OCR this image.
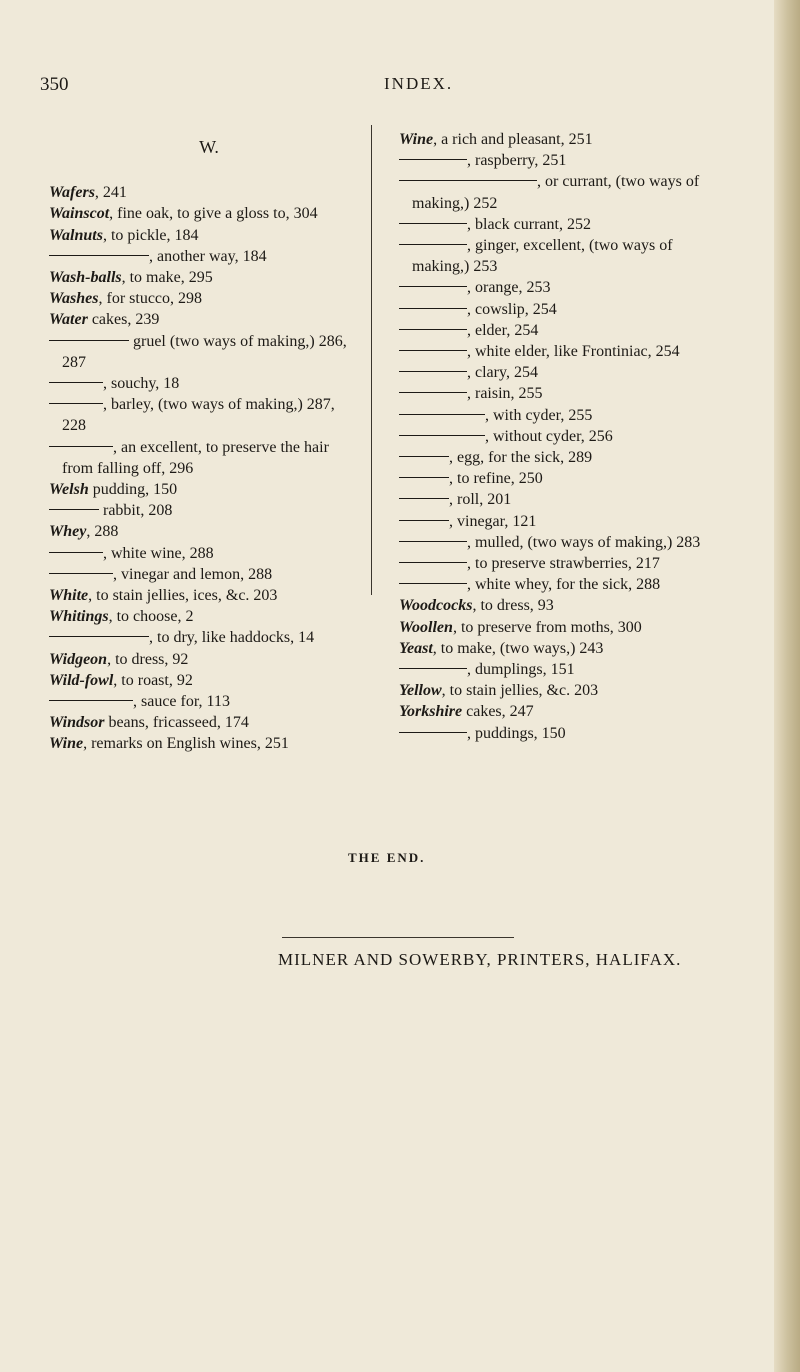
350	INDEX.
W.

Wafers, 241

Wainscot, fine oak, to give a gloss to, 304

Walnuts, to pickle, 184

, another way, 184

Wash-balls, to make, 295

Washes, for stucco, 298

Water cakes, 239

gruel (two ways of making,) 286, 287

, souchy, 18

, barley, (two ways of making,) 287, 228

, an excellent, to preserve the hair from falling off, 296

Welsh pudding, 150

rabbit, 208

Whey, 288

, white wine, 288

, vinegar and lemon, 288

White, to stain jellies, ices, &c. 203

Whitings, to choose, 2

, to dry, like haddocks, 14

Widgeon, to dress, 92

Wild-fowl, to roast, 92

, sauce for, 113

Windsor beans, fricasseed, 174

Wine, remarks on English wines, 251

Wine, a rich and pleasant, 251

, raspberry, 251

, or currant, (two ways of making,) 252

, black currant, 252

, ginger, excellent, (two ways of making,) 253

, orange, 253

, cowslip, 254

, elder, 254

, white elder, like Frontiniac, 254

, clary, 254

, raisin, 255

, with cyder, 255

, without cyder, 256

, egg, for the sick, 289

, to refine, 250

, roll, 201

, vinegar, 121

, mulled, (two ways of making,) 283

, to preserve strawberries, 217

, white whey, for the sick, 288

Woodcocks, to dress, 93

Woollen, to preserve from moths, 300

Yeast, to make, (two ways,) 243

, dumplings, 151

Yellow, to stain jellies, &c. 203

Yorkshire cakes, 247

, puddings, 150

THE END.
MILNER AND SOWERBY, PRINTERS, HALIFAX.
